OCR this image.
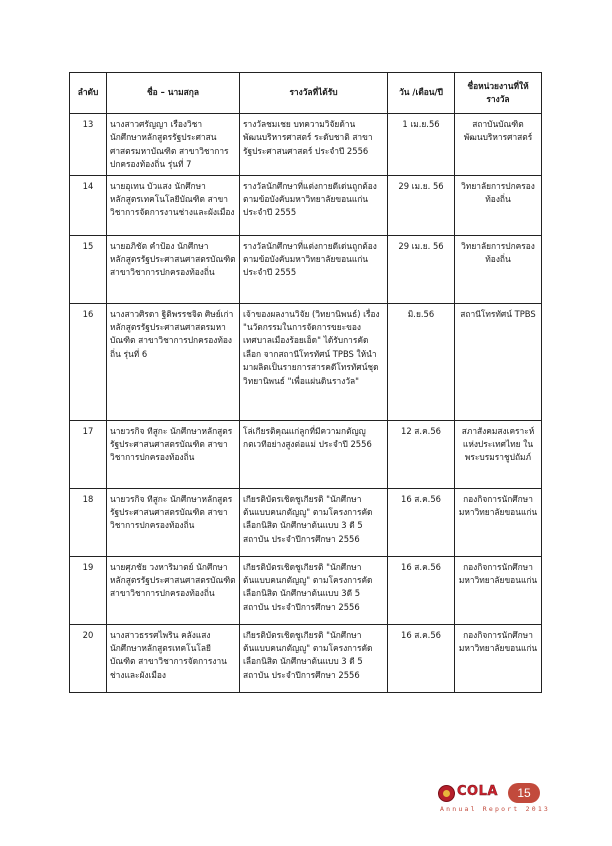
ลำดับ	ชื่อ – นามสกุล	รางวัลที่ได้รับ	วัน /เดือน/ปี	ชื่อหน่วยงานที่ให้รางวัล
13	นางสาวศรัญญา เรืองวิชา นักศึกษาหลักสูตรรัฐประศาสนศาสตรมหาบัณฑิต สาขาวิชาการปกครองท้องถิ่น รุ่นที่ 7	รางวัลชมเชย บทความวิจัยด้านพัฒนบริหารศาสตร์ ระดับชาติ สาขารัฐประศาสนศาสตร์ ประจำปี 2556	1 เม.ย.56	สถาบันบัณฑิตพัฒนบริหารศาสตร์
14	นายอุเทน บัวแสง นักศึกษาหลักสูตรเทคโนโลยีบัณฑิต สาขาวิชาการจัดการงานช่างและผังเมือง	รางวัลนักศึกษาที่แต่งกายดีเด่นถูกต้องตามข้อบังคับมหาวิทยาลัยขอนแก่น ประจำปี 2555	29 เม.ย. 56	วิทยาลัยการปกครองท้องถิ่น
15	นายอภิชัต คำป้อง นักศึกษาหลักสูตรรัฐประศาสนศาสตรบัณฑิต สาขาวิชาการปกครองท้องถิ่น	รางวัลนักศึกษาที่แต่งกายดีเด่นถูกต้องตามข้อบังคับมหาวิทยาลัยขอนแก่น ประจำปี 2555	29 เม.ย. 56	วิทยาลัยการปกครองท้องถิ่น
16	นางสาวศิรดา ฐิติพรรชจิต ศิษย์เก่าหลักสูตรรัฐประศาสนศาสตรมหาบัณฑิต สาขาวิชาการปกครองท้องถิ่น รุ่นที่ 6	เจ้าของผลงานวิจัย (วิทยานิพนธ์) เรื่อง "นวัตกรรมในการจัดการขยะของเทศบาลเมืองร้อยเอ็ด" ได้รับการคัดเลือก จากสถานีโทรทัศน์ TPBS ให้นำมาผลิตเป็นรายการสารคดีโทรทัศน์ชุดวิทยานิพนธ์ "เพื่อแผ่นดินรางวัล"	มิ.ย.56	สถานีโทรทัศน์ TPBS
17	นายวรกิจ ทีสูกะ นักศึกษาหลักสูตรรัฐประศาสนศาสตรบัณฑิต สาขาวิชาการปกครองท้องถิ่น	โล่เกียรติคุณแก่ลูกที่มีความกตัญญูกตเวทีอย่างสูงต่อแม่ ประจำปี 2556	12 ส.ค.56	สภาสังคมสงเคราะห์แห่งประเทศไทย ในพระบรมราชูปถัมภ์
18	นายวรกิจ ทีสูกะ นักศึกษาหลักสูตรรัฐประศาสนศาสตรบัณฑิต สาขาวิชาการปกครองท้องถิ่น	เกียรติบัตรเชิดชูเกียรติ "นักศึกษาต้นแบบคนกตัญญู" ตามโครงการคัดเลือกนิสิต นักศึกษาต้นแบบ 3 ดี 5 สถาบัน ประจำปีการศึกษา 2556	16 ส.ค.56	กองกิจการนักศึกษา มหาวิทยาลัยขอนแก่น
19	นายศุภชัย วงหาริมาตย์ นักศึกษาหลักสูตรรัฐประศาสนศาสตรบัณฑิต สาขาวิชาการปกครองท้องถิ่น	เกียรติบัตรเชิดชูเกียรติ "นักศึกษาต้นแบบคนกตัญญู" ตามโครงการคัดเลือกนิสิต นักศึกษาต้นแบบ 3ดี 5 สถาบัน ประจำปีการศึกษา 2556	16 ส.ค.56	กองกิจการนักศึกษา มหาวิทยาลัยขอนแก่น
20	นางสาวธรรศไพริน คลังแสง นักศึกษาหลักสูตรเทคโนโลยีบัณฑิต สาขาวิชาการจัดการงานช่างและผังเมือง	เกียรติบัตรเชิดชูเกียรติ "นักศึกษาต้นแบบคนกตัญญู" ตามโครงการคัดเลือกนิสิต นักศึกษาต้นแบบ 3 ดี 5 สถาบัน ประจำปีการศึกษา 2556	16 ส.ค.56	กองกิจการนักศึกษา มหาวิทยาลัยขอนแก่น
COLA	15
Annual Report 2013
